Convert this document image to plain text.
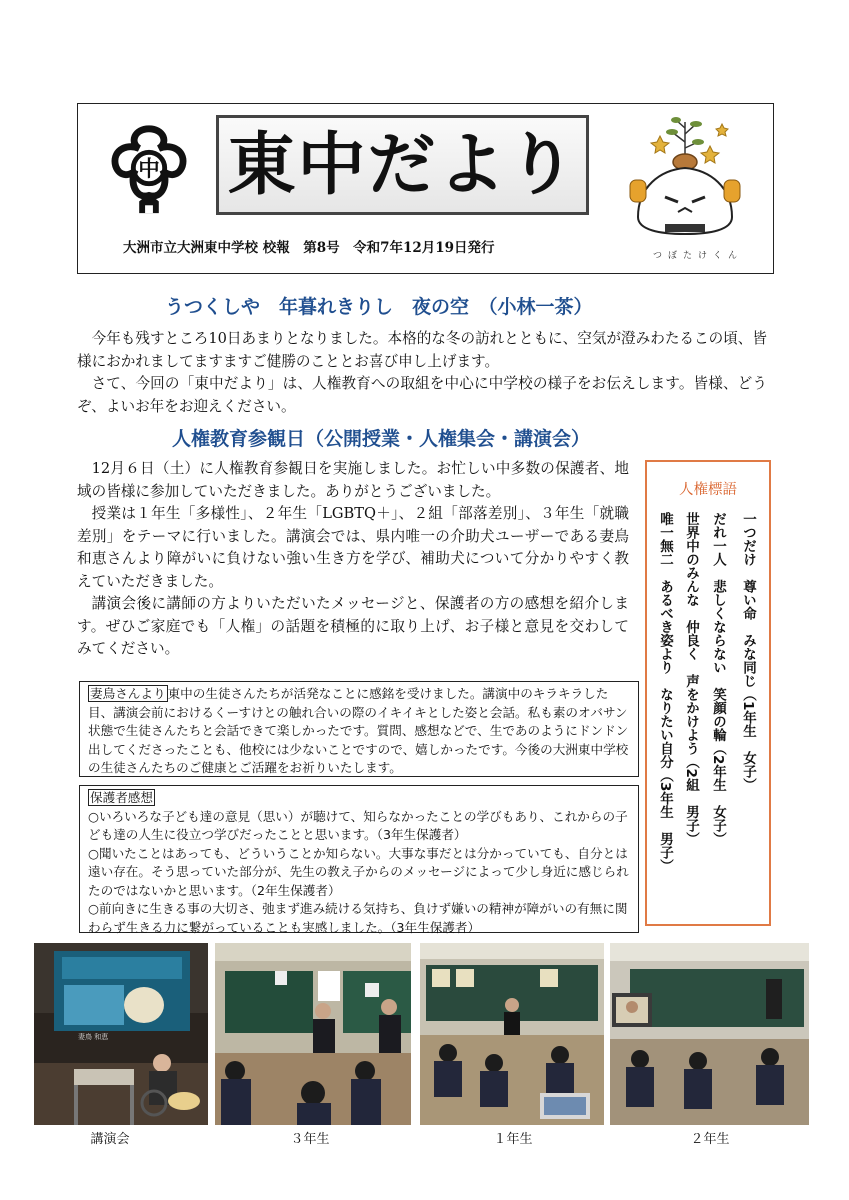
中 東中だより
大洲市立大洲東中学校 校報　第8号　令和7年12月19日発行	つぼたけくん
うつくしや　年暮れきりし　夜の空　（小林一茶）

今年も残すところ10日あまりとなりました。本格的な冬の訪れとともに、空気が澄みわたるこの頃、皆様におかれましてますますご健勝のこととお喜び申し上げます。

さて、今回の「東中だより」は、人権教育への取組を中心に中学校の様子をお伝えします。皆様、どうぞ、よいお年をお迎えください。

人権教育参観日（公開授業・人権集会・講演会）

12月６日（土）に人権教育参観日を実施しました。お忙しい中多数の保護者、地域の皆様に参加していただきました。ありがとうございました。

授業は１年生「多様性」、２年生「LGBTQ＋」、２組「部落差別」、３年生「就職差別」をテーマに行いました。講演会では、県内唯一の介助犬ユーザーである妻鳥和恵さんより障がいに負けない強い生き方を学び、補助犬について分かりやすく教えていただきました。

講演会後に講師の方よりいただいたメッセージと、保護者の方の感想を紹介します。ぜひご家庭でも「人権」の話題を積極的に取り上げ、お子様と意見を交わしてみてください。

人権標語
一つだけ　尊い命　みな同じ（1年生　女子）
だれ一人　悲しくならない　笑顔の輪（2年生　女子）
世界中のみんな　仲良く　声をかけよう（2組　男子）
唯一無二　あるべき姿より　なりたい自分（3年生　男子）

妻鳥さんより 東中の生徒さんたちが活発なことに感銘を受けました。講演中のキラキラした目、講演会前におけるくーすけとの触れ合いの際のイキイキとした姿と会話。私も素のオバサン状態で生徒さんたちと会話できて楽しかったです。質問、感想などで、生であのようにドンドン出してくださったことも、他校には少ないことですので、嬉しかったです。今後の大洲東中学校の生徒さんたちのご健康とご活躍をお祈りいたします。

保護者感想

○いろいろな子ども達の意見（思い）が聴けて、知らなかったことの学びもあり、これからの子ども達の人生に役立つ学びだったことと思います。（3年生保護者）

○聞いたことはあっても、どういうことか知らない。大事な事だとは分かっていても、自分とは遠い存在。そう思っていた部分が、先生の教え子からのメッセージによって少し身近に感じられたのではないかと思います。（2年生保護者）

○前向きに生きる事の大切さ、弛まず進み続ける気持ち、負けず嫌いの精神が障がいの有無に関わらず生きる力に繋がっていることも実感しました。（3年生保護者）

妻鳥 和恵
講演会	３年生	１年生	２年生
